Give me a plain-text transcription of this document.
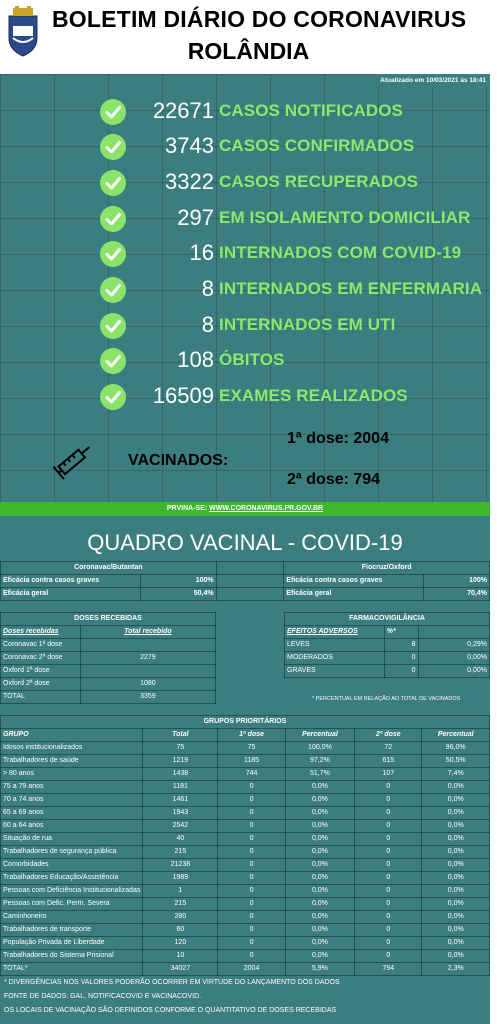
BOLETIM DIÁRIO DO CORONAVIRUS
ROLÂNDIA
Atualizado em 10/03/2021 às 18:41
22671 CASOS NOTIFICADOS
3743 CASOS CONFIRMADOS
3322 CASOS RECUPERADOS
297 EM ISOLAMENTO DOMICILIAR
16 INTERNADOS COM COVID-19
8 INTERNADOS EM ENFERMARIA
8 INTERNADOS EM UTI
108 ÓBITOS
16509 EXAMES REALIZADOS
VACINADOS:
1ª dose: 2004
2ª dose: 794
PRVINA-SE: WWW.CORONAVIRUS.PR.GOV.BR
QUADRO VACINAL - COVID-19
Coronavac/Butantan			Fiocruz/Oxford	
Eficácia contra casos graves	100%		Eficácia contra casos graves	100%
Eficácia geral	50,4%		Eficácia geral	70,4%
DOSES RECEBIDAS	
Doses recebidas	Total recebido
Coronavac 1ª dose	
Coronavac 2ª dose	2279
Oxford 1ª dose	
Oxford 2ª dose	1080
TOTAL	3359
FARMACOVIGILÂNCIA		
EFEITOS ADVERSOS	%*	
LEVES	8	0,29%
MODERADOS	0	0,00%
GRAVES	0	0,00%
* PERCENTUAL EM RELAÇÃO AO TOTAL DE VACINADOS
GRUPOS PRIORITÁRIOS					
GRUPO	Total	1ª dose	Percentual	2ª dose	Percentual
Idosos institucionalizados	75	75	100,0%	72	96,0%
Trabalhadores de saúde	1219	1185	97,2%	615	50,5%
> 80 anos	1438	744	51,7%	107	7,4%
75 a 79 anos	1181	0	0,0%	0	0,0%
70 a 74 anos	1461	0	0,0%	0	0,0%
65 a 69 anos	1943	0	0,0%	0	0,0%
60 a 64 anos	2542	0	0,0%	0	0,0%
Situação de rua	40	0	0,0%	0	0,0%
Trabalhadores de segurança pública	215	0	0,0%	0	0,0%
Comorbidades	21238	0	0,0%	0	0,0%
Trabalhadores Educação/Assistência	1989	0	0,0%	0	0,0%
Pessoas com Deficiência Institucionalizadas	1	0	0,0%	0	0,0%
Pessoas com Defic. Perm. Severa	215	0	0,0%	0	0,0%
Caminhoneiro	280	0	0,0%	0	0,0%
Trabalhadores de transporte	60	0	0,0%	0	0,0%
População Privada de Liberdade	120	0	0,0%	0	0,0%
Trabalhadores do Sistema Prisional	10	0	0,0%	0	0,0%
TOTAL*	34027	2004	5,9%	794	2,3%
* DIVERGÊNCIAS NOS VALORES PODERÃO OCORRER EM VIRTUDE DO LANÇAMENTO DOS DADOS
FONTE DE DADOS: GAL, NOTIFICACOVID E VACINACOVID.
OS LOCAIS DE VACINAÇÃO SÃO DEFINIDOS CONFORME O QUANTITATIVO DE DOSES RECEBIDAS
